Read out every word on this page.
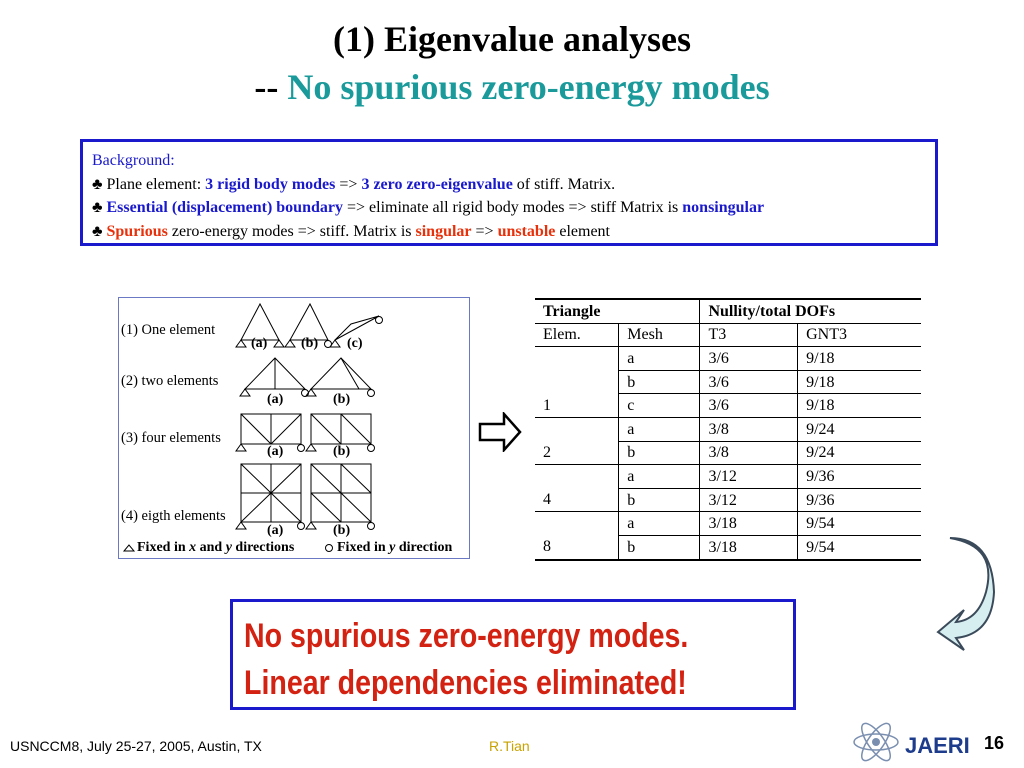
(1) Eigenvalue analyses
-- No spurious zero-energy modes
Background:
♣ Plane element: 3 rigid body modes => 3 zero zero-eigenvalue of stiff. Matrix.
♣ Essential (displacement) boundary => eliminate all rigid body modes => stiff Matrix is nonsingular
♣ Spurious zero-energy modes => stiff. Matrix is singular => unstable element
(1) One element
(2) two elements
(3) four elements
(4) eigth elements
(a) (b) (c)
(a)	(b)
(a)	(b)
(a)	(b)
Fixed in x and y directions	Fixed in y direction
Triangle		Nullity/total DOFs	
Elem.	Mesh	T3	GNT3
	a	3/6	9/18
	b	3/6	9/18
1	c	3/6	9/18
	a	3/8	9/24
2	b	3/8	9/24
	a	3/12	9/36
4	b	3/12	9/36
	a	3/18	9/54
8	b	3/18	9/54
No spurious zero-energy modes.
Linear dependencies eliminated!
USNCCM8, July 25-27, 2005, Austin, TX	R.Tian	JAERI 16
